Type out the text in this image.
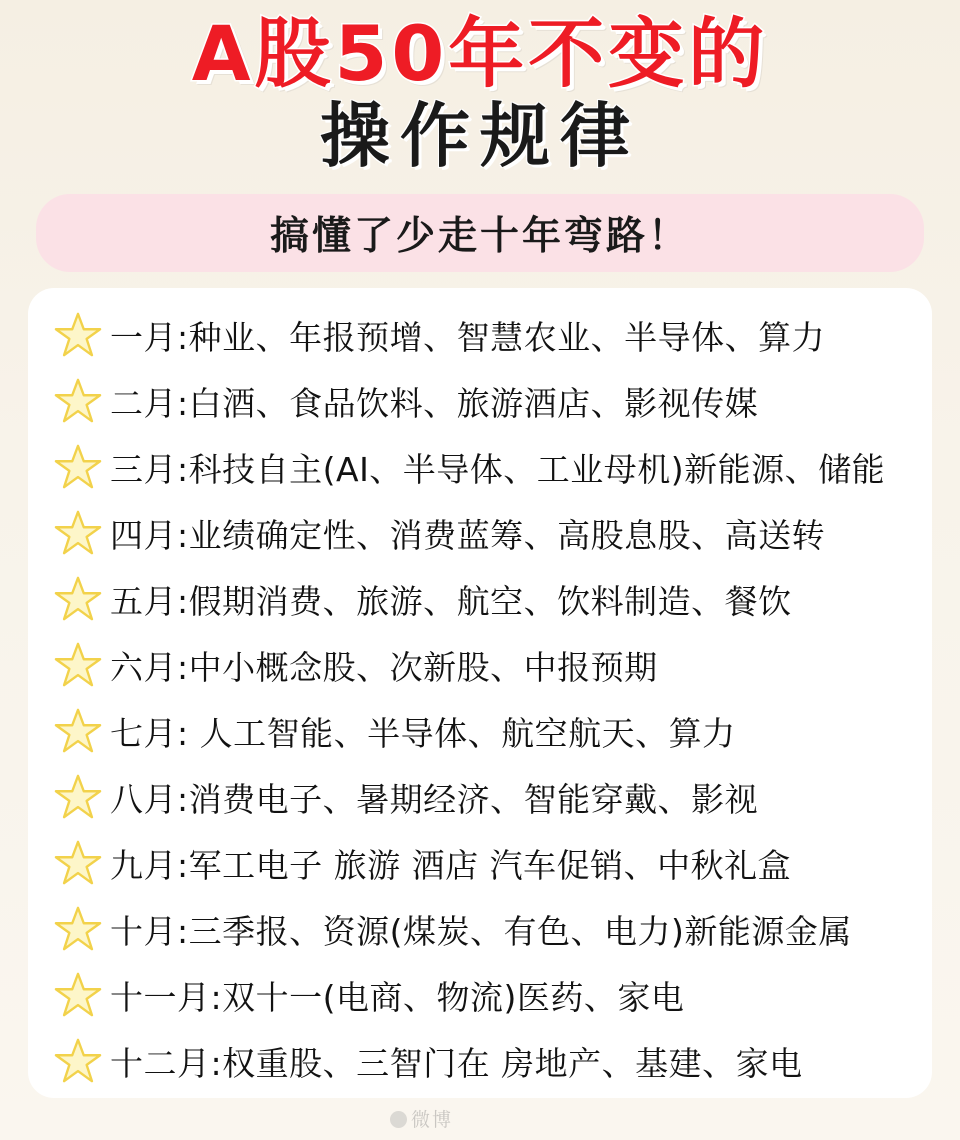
A股50年不变的
操作规律
搞懂了少走十年弯路！
一月:种业、年报预增、智慧农业、半导体、算力
二月:白酒、食品饮料、旅游酒店、影视传媒
三月:科技自主(AI、半导体、工业母机)新能源、储能
四月:业绩确定性、消费蓝筹、高股息股、高送转
五月:假期消费、旅游、航空、饮料制造、餐饮
六月:中小概念股、次新股、中报预期
七月: 人工智能、半导体、航空航天、算力
八月:消费电子、暑期经济、智能穿戴、影视
九月:军工电子 旅游 酒店 汽车促销、中秋礼盒
十月:三季报、资源(煤炭、有色、电力)新能源金属
十一月:双十一(电商、物流)医药、家电
十二月:权重股、三智门在 房地产、基建、家电
微博
